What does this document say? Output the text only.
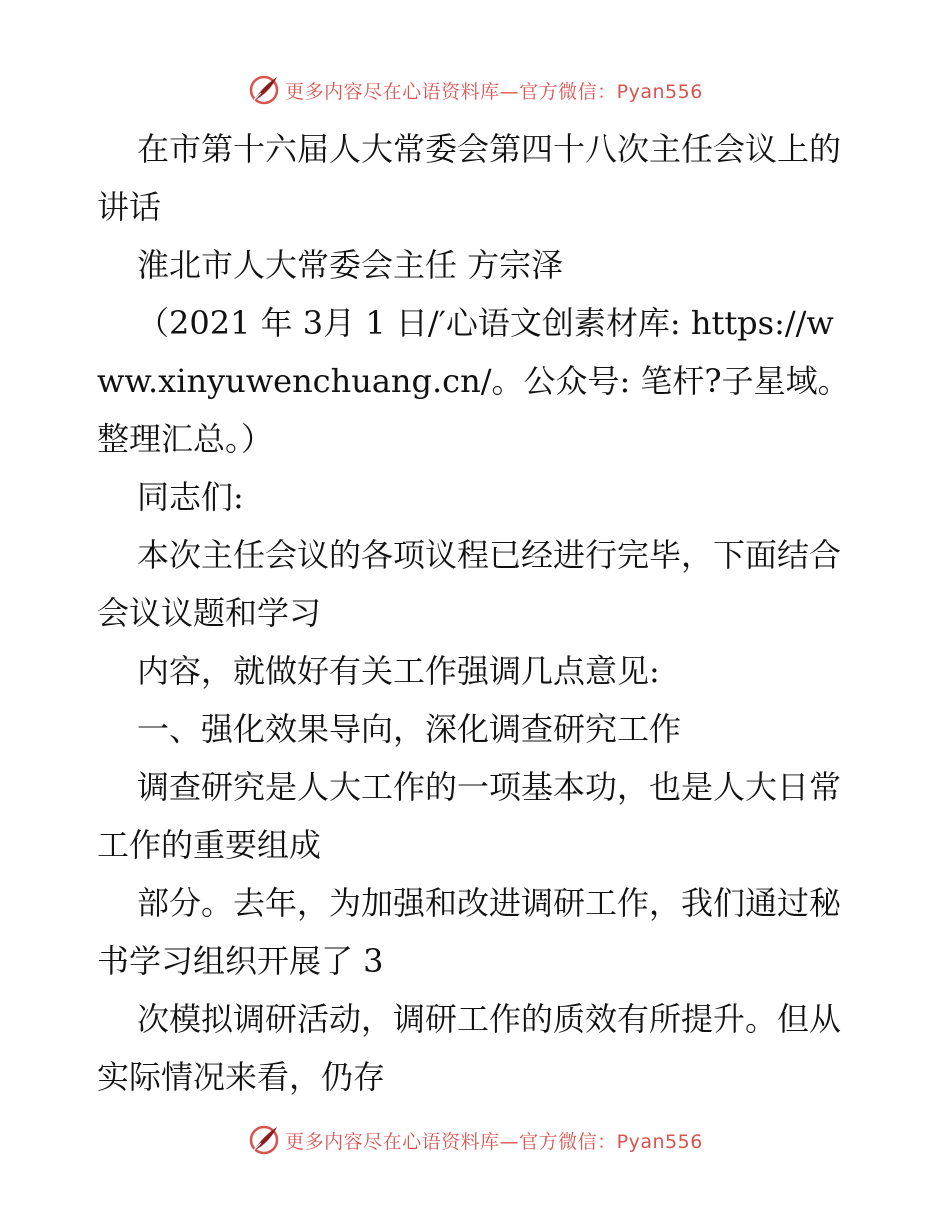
更多内容尽在心语资料库—官方微信：Pyan556

在市第十六届人大常委会第四十八次主任会议上的讲话

淮北市人大常委会主任 方宗泽

（2021 年 3月 1 日/′心语文创素材库: https://www.xinyuwenchuang.cn/。公众号: 笔杆?子星域。整理汇总。）

同志们:

本次主任会议的各项议程已经进行完毕，下面结合会议议题和学习

内容，就做好有关工作强调几点意见:

一、强化效果导向，深化调查研究工作

调查研究是人大工作的一项基本功，也是人大日常工作的重要组成

部分。去年，为加强和改进调研工作，我们通过秘书学习组织开展了 3

次模拟调研活动，调研工作的质效有所提升。但从实际情况来看，仍存

更多内容尽在心语资料库—官方微信：Pyan556
